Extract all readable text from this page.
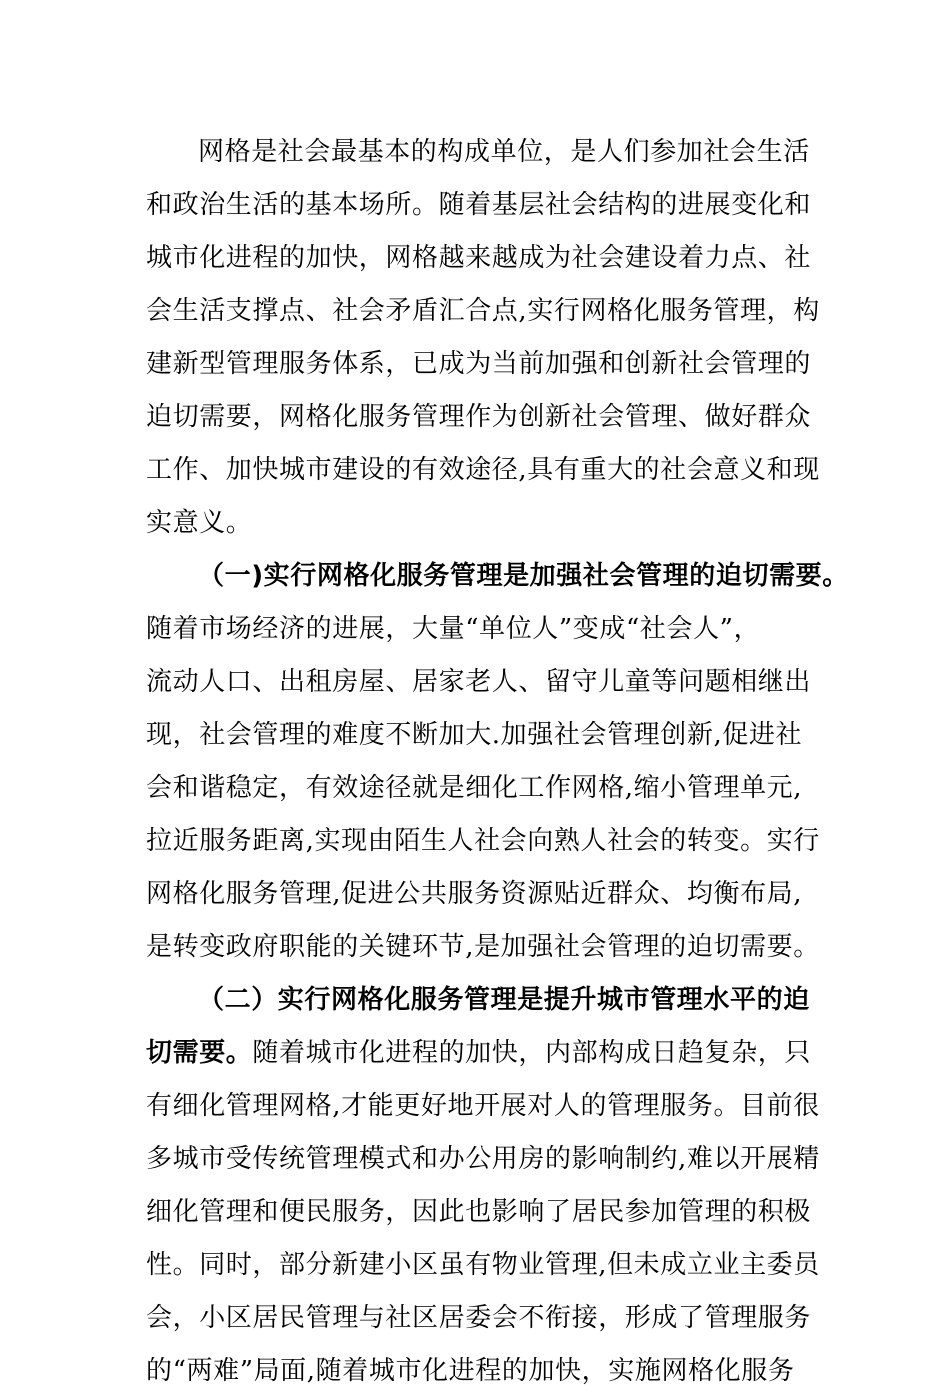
网格是社会最基本的构成单位，是人们参加社会生活
和政治生活的基本场所。随着基层社会结构的进展变化和
城市化进程的加快，网格越来越成为社会建设着力点、社
会生活支撑点、社会矛盾汇合点,实行网格化服务管理，构
建新型管理服务体系，已成为当前加强和创新社会管理的
迫切需要，网格化服务管理作为创新社会管理、做好群众
工作、加快城市建设的有效途径,具有重大的社会意义和现
实意义。
（一)实行网格化服务管理是加强社会管理的迫切需要。
随着市场经济的进展，大量“单位人”变成“社会人”，
流动人口、出租房屋、居家老人、留守儿童等问题相继出
现，社会管理的难度不断加大.加强社会管理创新,促进社
会和谐稳定，有效途径就是细化工作网格,缩小管理单元,
拉近服务距离,实现由陌生人社会向熟人社会的转变。实行
网格化服务管理,促进公共服务资源贴近群众、均衡布局,
是转变政府职能的关键环节,是加强社会管理的迫切需要。
（二）实行网格化服务管理是提升城市管理水平的迫
切需要。随着城市化进程的加快，内部构成日趋复杂，只
有细化管理网格,才能更好地开展对人的管理服务。目前很
多城市受传统管理模式和办公用房的影响制约,难以开展精
细化管理和便民服务，因此也影响了居民参加管理的积极
性。同时，部分新建小区虽有物业管理,但未成立业主委员
会，小区居民管理与社区居委会不衔接，形成了管理服务
的“两难”局面,随着城市化进程的加快，实施网格化服务
